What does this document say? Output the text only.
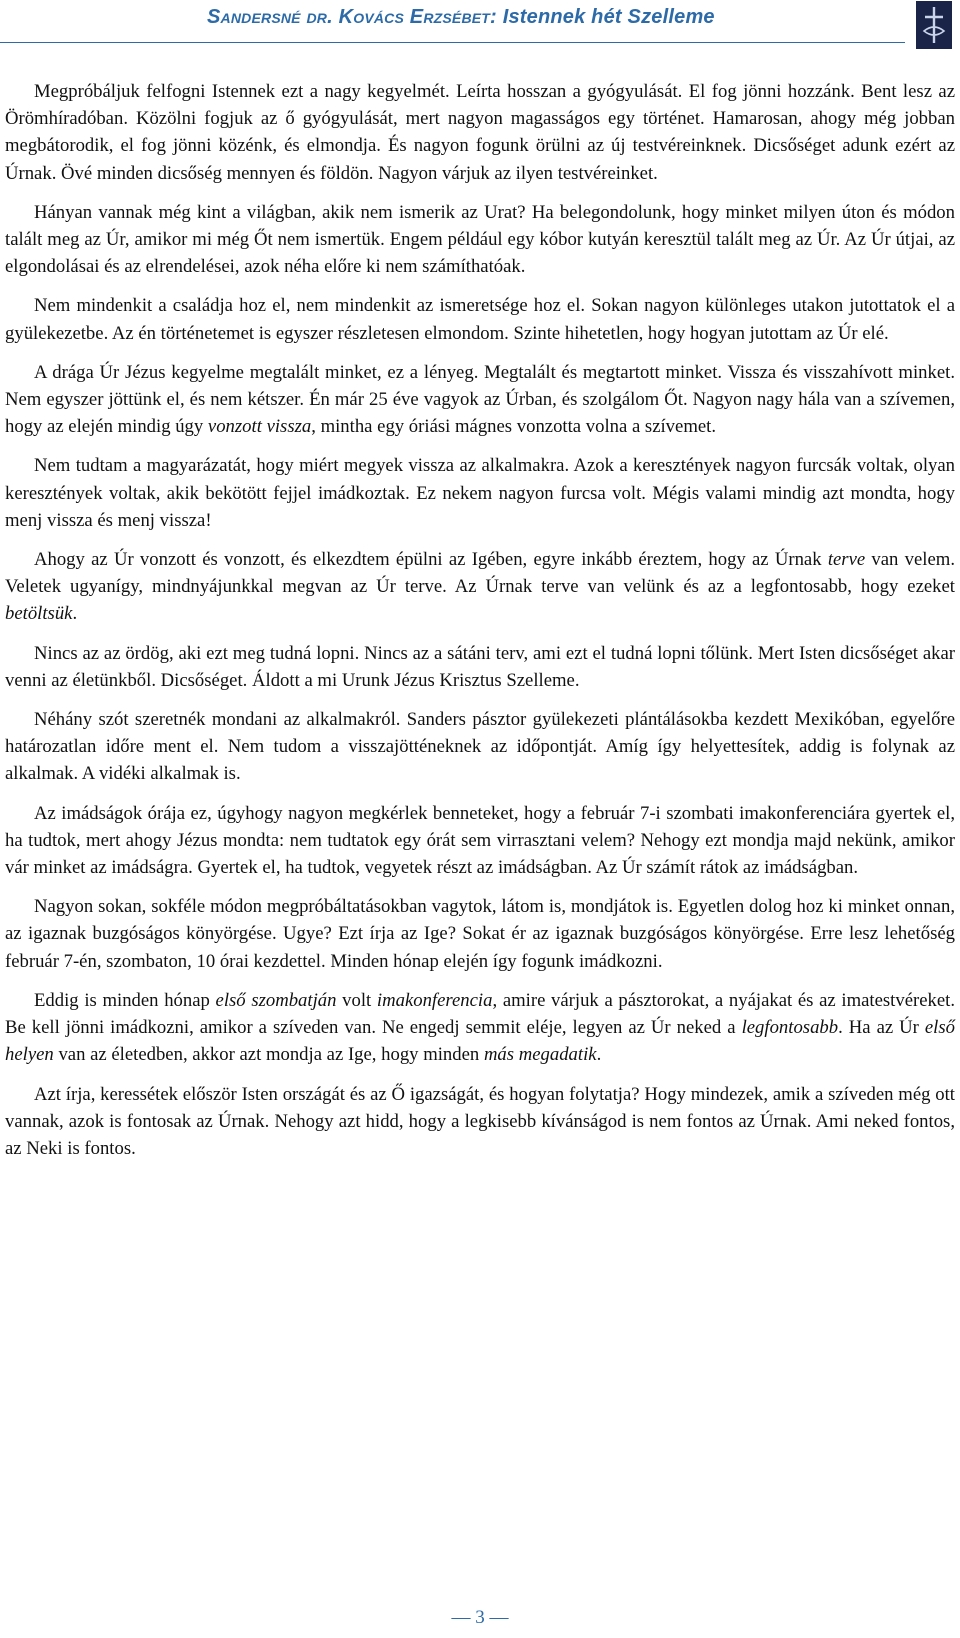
Sandersné dr. Kovács Erzsébet: Istennek hét Szelleme

Megpróbáljuk felfogni Istennek ezt a nagy kegyelmét. Leírta hosszan a gyógyulását. El fog jönni hozzánk. Bent lesz az Örömhíradóban. Közölni fogjuk az ő gyógyulását, mert nagyon magasságos egy történet. Hamarosan, ahogy még jobban megbátorodik, el fog jönni közénk, és elmondja. És nagyon fogunk örülni az új testvéreinknek. Dicsőséget adunk ezért az Úrnak. Övé minden dicsőség mennyen és földön. Nagyon várjuk az ilyen testvéreinket.

Hányan vannak még kint a világban, akik nem ismerik az Urat? Ha belegondolunk, hogy minket milyen úton és módon talált meg az Úr, amikor mi még Őt nem ismertük. Engem például egy kóbor kutyán keresztül talált meg az Úr. Az Úr útjai, az elgondolásai és az elrendelései, azok néha előre ki nem számíthatóak.

Nem mindenkit a családja hoz el, nem mindenkit az ismeretsége hoz el. Sokan nagyon különleges utakon jutottatok el a gyülekezetbe. Az én történetemet is egyszer részletesen elmondom. Szinte hihetetlen, hogy hogyan jutottam az Úr elé.

A drága Úr Jézus kegyelme megtalált minket, ez a lényeg. Megtalált és megtartott minket. Vissza és visszahívott minket. Nem egyszer jöttünk el, és nem kétszer. Én már 25 éve vagyok az Úrban, és szolgálom Őt. Nagyon nagy hála van a szívemen, hogy az elején mindig úgy vonzott vissza, mintha egy óriási mágnes vonzotta volna a szívemet.

Nem tudtam a magyarázatát, hogy miért megyek vissza az alkalmakra. Azok a keresztények nagyon furcsák voltak, olyan keresztények voltak, akik bekötött fejjel imádkoztak. Ez nekem nagyon furcsa volt. Mégis valami mindig azt mondta, hogy menj vissza és menj vissza!

Ahogy az Úr vonzott és vonzott, és elkezdtem épülni az Igében, egyre inkább éreztem, hogy az Úrnak terve van velem. Veletek ugyanígy, mindnyájunkkal megvan az Úr terve. Az Úrnak terve van velünk és az a legfontosabb, hogy ezeket betöltsük.

Nincs az az ördög, aki ezt meg tudná lopni. Nincs az a sátáni terv, ami ezt el tudná lopni tőlünk. Mert Isten dicsőséget akar venni az életünkből. Dicsőséget. Áldott a mi Urunk Jézus Krisztus Szelleme.

Néhány szót szeretnék mondani az alkalmakról. Sanders pásztor gyülekezeti plántálásokba kezdett Mexikóban, egyelőre határozatlan időre ment el. Nem tudom a visszajötténeknek az időpontját. Amíg így helyettesítek, addig is folynak az alkalmak. A vidéki alkalmak is.

Az imádságok órája ez, úgyhogy nagyon megkérlek benneteket, hogy a február 7-i szombati imakonferenciára gyertek el, ha tudtok, mert ahogy Jézus mondta: nem tudtatok egy órát sem virrasztani velem? Nehogy ezt mondja majd nekünk, amikor vár minket az imádságra. Gyertek el, ha tudtok, vegyetek részt az imádságban. Az Úr számít rátok az imádságban.

Nagyon sokan, sokféle módon megpróbáltatásokban vagytok, látom is, mondjátok is. Egyetlen dolog hoz ki minket onnan, az igaznak buzgóságos könyörgése. Ugye? Ezt írja az Ige? Sokat ér az igaznak buzgóságos könyörgése. Erre lesz lehetőség február 7-én, szombaton, 10 órai kezdettel. Minden hónap elején így fogunk imádkozni.

Eddig is minden hónap első szombatján volt imakonferencia, amire várjuk a pásztorokat, a nyájakat és az imatestvéreket. Be kell jönni imádkozni, amikor a szíveden van. Ne engedj semmit eléje, legyen az Úr neked a legfontosabb. Ha az Úr első helyen van az életedben, akkor azt mondja az Ige, hogy minden más megadatik.

Azt írja, keressétek először Isten országát és az Ő igazságát, és hogyan folytatja? Hogy mindezek, amik a szíveden még ott vannak, azok is fontosak az Úrnak. Nehogy azt hidd, hogy a legkisebb kívánságod is nem fontos az Úrnak. Ami neked fontos, az Neki is fontos.

— 3 —
